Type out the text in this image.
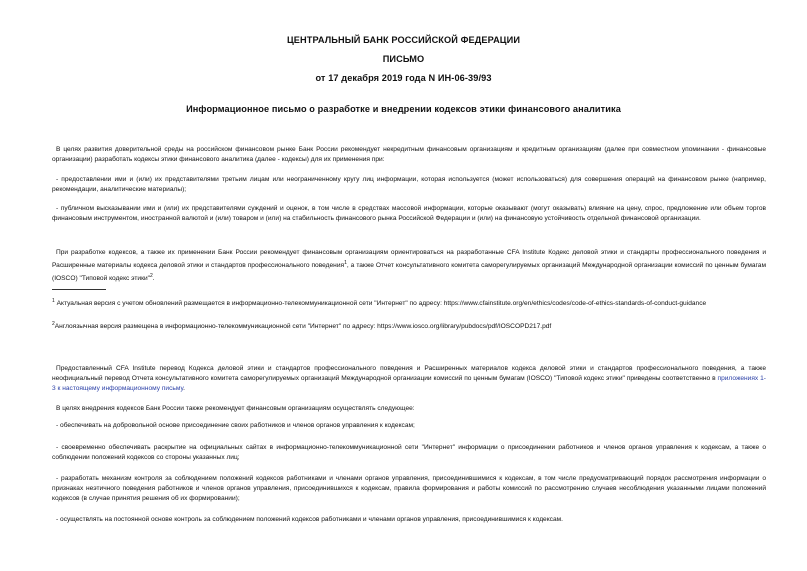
ЦЕНТРАЛЬНЫЙ БАНК РОССИЙСКОЙ ФЕДЕРАЦИИ
ПИСЬМО
от 17 декабря 2019 года N ИН-06-39/93
Информационное письмо о разработке и внедрении кодексов этики финансового аналитика
В целях развития доверительной среды на российском финансовом рынке Банк России рекомендует некредитным финансовым организациям и кредитным организациям (далее при совместном упоминании - финансовые организации) разработать кодексы этики финансового аналитика (далее - кодексы) для их применения при:
- предоставлении ими и (или) их представителями третьим лицам или неограниченному кругу лиц информации, которая используется (может использоваться) для совершения операций на финансовом рынке (например, рекомендации, аналитические материалы);
- публичном высказывании ими и (или) их представителями суждений и оценок, в том числе в средствах массовой информации, которые оказывают (могут оказывать) влияние на цену, спрос, предложение или объем торгов финансовым инструментом, иностранной валютой и (или) товаром и (или) на стабильность финансового рынка Российской Федерации и (или) на финансовую устойчивость отдельной финансовой организации.
При разработке кодексов, а также их применении Банк России рекомендует финансовым организациям ориентироваться на разработанные CFA Institute Кодекс деловой этики и стандарты профессионального поведения и Расширенные материалы кодекса деловой этики и стандартов профессионального поведения$^1$, а также Отчет консультативного комитета саморегулируемых организаций Международной организации комиссий по ценным бумагам (IOSCO) "Типовой кодекс этики"$^2$.
$^1$ Актуальная версия с учетом обновлений размещается в информационно-телекоммуникационной сети "Интернет" по адресу: https://www.cfainstitute.org/en/ethics/codes/code-of-ethics-standards-of-conduct-guidance
$^2$Англоязычная версия размещена в информационно-телекоммуникационной сети "Интернет" по адресу: https://www.iosco.org/library/pubdocs/pdf/IOSCOPD217.pdf
Предоставленный CFA Institute перевод Кодекса деловой этики и стандартов профессионального поведения и Расширенных материалов кодекса деловой этики и стандартов профессионального поведения, а также неофициальный перевод Отчета консультативного комитета саморегулируемых организаций Международной организации комиссий по ценным бумагам (IOSCO) "Типовой кодекс этики" приведены соответственно в приложениях 1-3 к настоящему информационному письму.
В целях внедрения кодексов Банк России также рекомендует финансовым организациям осуществлять следующее:
- обеспечивать на добровольной основе присоединение своих работников и членов органов управления к кодексам;
- своевременно обеспечивать раскрытие на официальных сайтах в информационно-телекоммуникационной сети "Интернет" информации о присоединении работников и членов органов управления к кодексам, а также о соблюдении положений кодексов со стороны указанных лиц;
- разработать механизм контроля за соблюдением положений кодексов работниками и членами органов управления, присоединившимися к кодексам, в том числе предусматривающий порядок рассмотрения информации о признаках неэтичного поведения работников и членов органов управления, присоединившихся к кодексам, правила формирования и работы комиссий по рассмотрению случаев несоблюдения указанными лицами положений кодексов (в случае принятия решения об их формировании);
- осуществлять на постоянной основе контроль за соблюдением положений кодексов работниками и членами органов управления, присоединившимися к кодексам.
